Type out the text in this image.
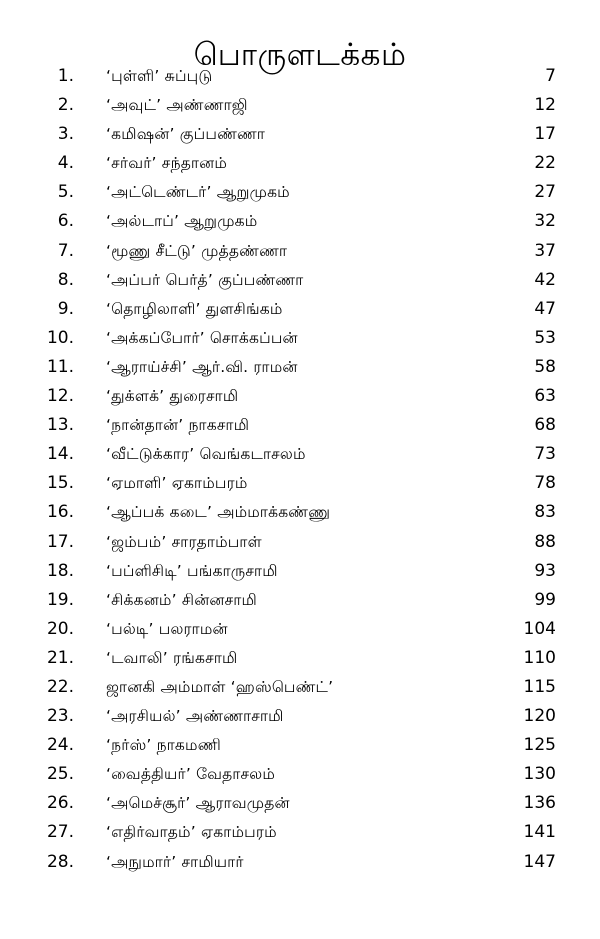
பொருளடக்கம்
1. ‘புள்ளி’ சுப்புடு	7
2. ‘அவுட்’ அண்ணாஜி	12
3. ‘கமிஷன்’ குப்பண்ணா	17
4. ‘சர்வர்’ சந்தானம்	22
5. ‘அட்டெண்டர்’ ஆறுமுகம்	27
6. ‘அல்டாப்’ ஆறுமுகம்	32
7. ‘மூணு சீட்டு’ முத்தண்ணா	37
8. ‘அப்பர் பெர்த்’ குப்பண்ணா	42
9. ‘தொழிலாளி’ துளசிங்கம்	47
10. ‘அக்கப்போர்’ சொக்கப்பன்	53
11. ‘ஆராய்ச்சி’ ஆர்.வி. ராமன்	58
12. ‘துக்ளக்’ துரைசாமி	63
13. ‘நான்தான்’ நாகசாமி	68
14. ‘வீட்டுக்கார’ வெங்கடாசலம்	73
15. ‘ஏமாளி’ ஏகாம்பரம்	78
16. ‘ஆப்பக் கடை’ அம்மாக்கண்ணு	83
17. ‘ஜம்பம்’ சாரதாம்பாள்	88
18. ‘பப்ளிசிடி’ பங்காருசாமி	93
19. ‘சிக்கனம்’ சின்னசாமி	99
20. ‘பல்டி’ பலராமன்	104
21. ‘டவாலி’ ரங்கசாமி	110
22. ஜானகி அம்மாள் ‘ஹஸ்பெண்ட்’	115
23. ‘அரசியல்’ அண்ணாசாமி	120
24. ‘நர்ஸ்’ நாகமணி	125
25. ‘வைத்தியர்’ வேதாசலம்	130
26. ‘அமெச்சூர்’ ஆராவமுதன்	136
27. ‘எதிர்வாதம்’ ஏகாம்பரம்	141
28. ‘அநுமார்’ சாமியார்	147
